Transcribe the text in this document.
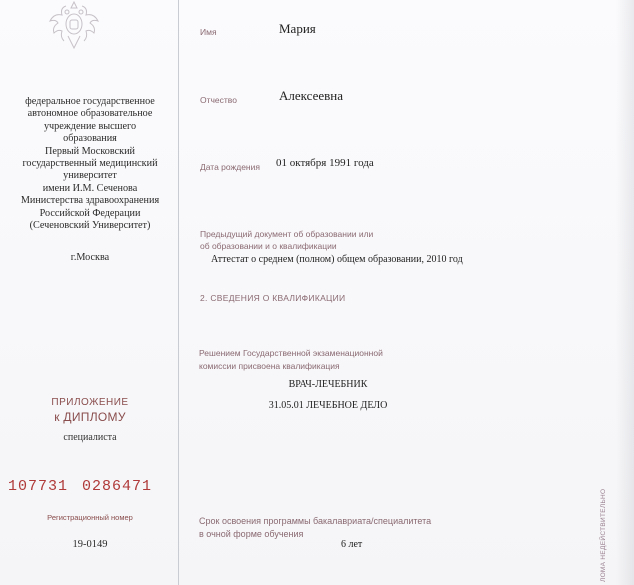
федеральное государственное
автономное образовательное
учреждение высшего
образования
Первый Московский
государственный медицинский
университет
имени И.М. Сеченова
Министерства здравоохранения
Российской Федерации
(Сеченовский Университет)
г.Москва
ПРИЛОЖЕНИЕ
к ДИПЛОМУ
специалиста
107731 0286471
Регистрационный номер
19-0149
Имя	Мария
Отчество	Алексеевна
Дата рождения 01 октября 1991 года
Предыдущий документ об образовании или
об образовании и о квалификации
Аттестат о среднем (полном) общем образовании, 2010 год
2. СВЕДЕНИЯ О КВАЛИФИКАЦИИ
Решением Государственной экзаменационной
комиссии присвоена квалификация
ВРАЧ-ЛЕЧЕБНИК
31.05.01 ЛЕЧЕБНОЕ ДЕЛО
Срок освоения программы бакалавриата/специалитета
в очной форме обучения
6 лет	ЛОМА НЕДЕЙСТВИТЕЛЬНО
